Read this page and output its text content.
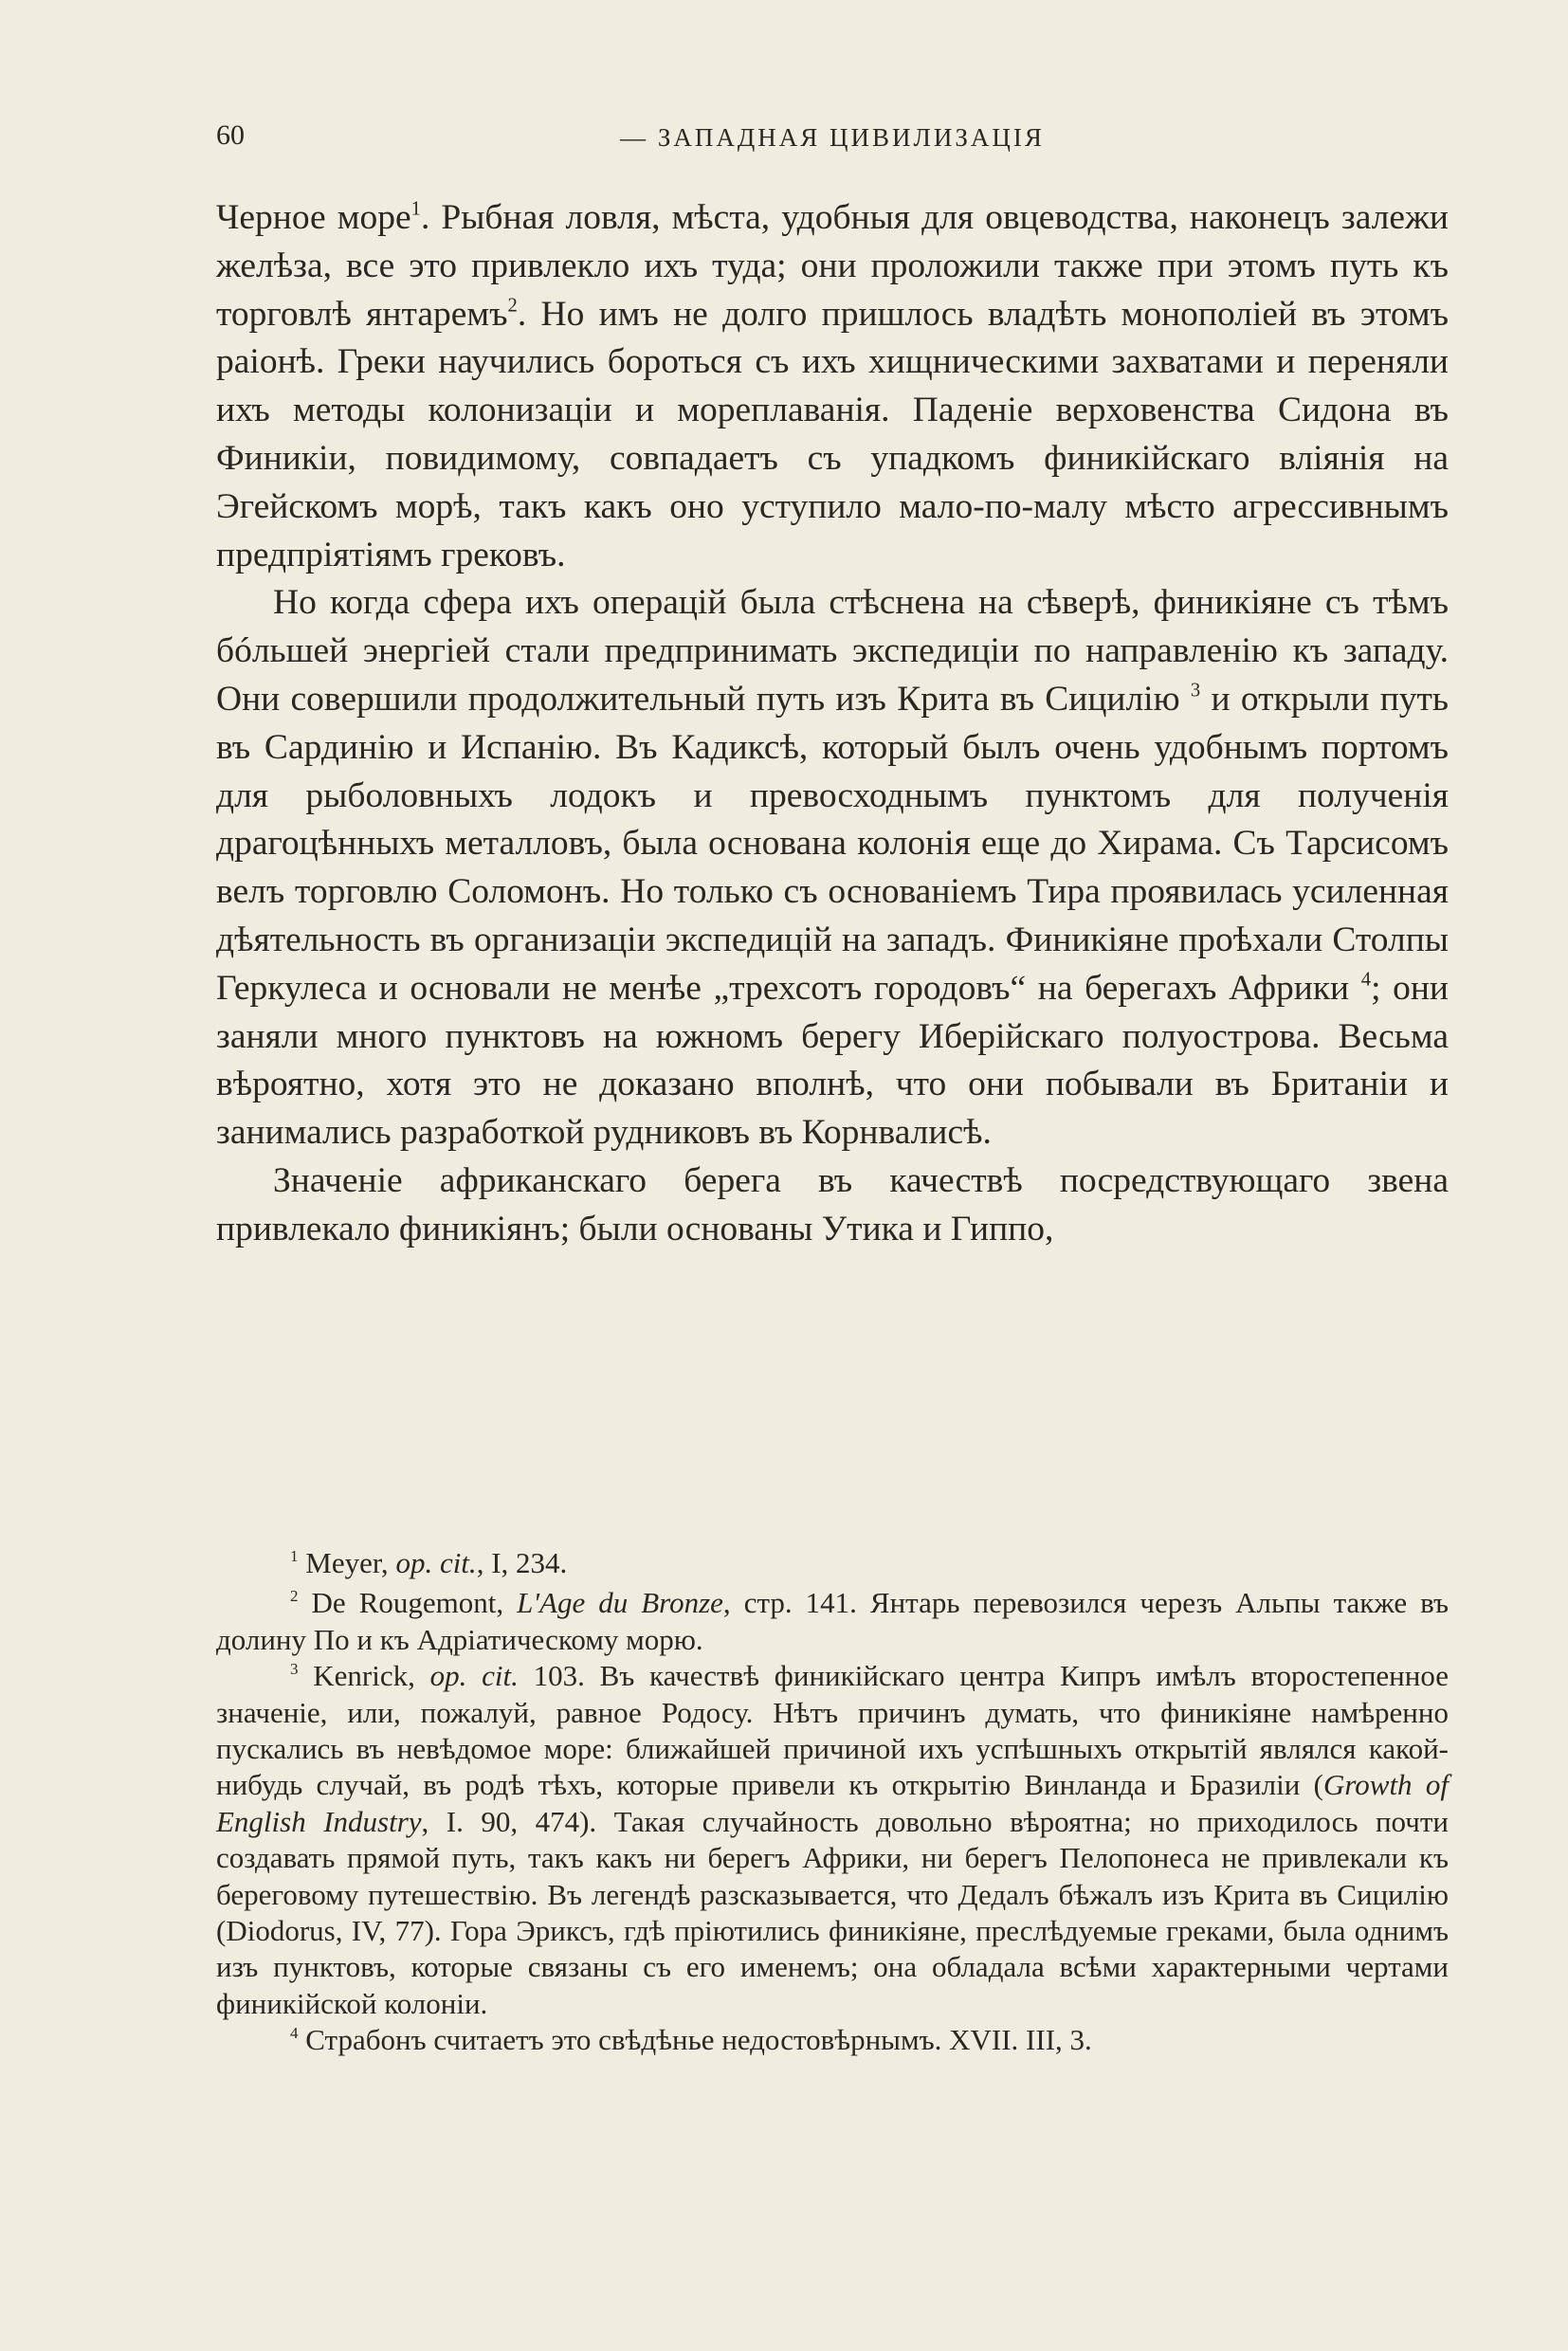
60	— ЗАПАДНАЯ ЦИВИЛИЗАЦIЯ

Черное море$^1$. Рыбная ловля, мѣста, удобныя для овцеводства, наконецъ залежи желѣза, все это привлекло ихъ туда; они проложили также при этомъ путь къ торговлѣ янтаремъ$^2$. Но имъ не долго пришлось владѣть монополiей въ этомъ раiонѣ. Греки научились бороться съ ихъ хищническими захватами и переняли ихъ методы колонизацiи и мореплаванiя. Паденiе верховенства Сидона въ Финикiи, повидимому, совпадаетъ съ упадкомъ финикiйскаго влiянiя на Эгейскомъ морѣ, такъ какъ оно уступило мало-по-малу мѣсто агрессивнымъ предпрiятiямъ грековъ.

Но когда сфера ихъ операцiй была стѣснена на сѣверѣ, финикiяне съ тѣмъ бóльшей энергiей стали предпринимать экспедицiи по направленiю къ западу. Они совершили продолжительный путь изъ Крита въ Сицилiю $^3$ и открыли путь въ Сардинiю и Испанiю. Въ Кадиксѣ, который былъ очень удобнымъ портомъ для рыболовныхъ лодокъ и превосходнымъ пунктомъ для полученiя драгоцѣнныхъ металловъ, была основана колонiя еще до Хирама. Съ Тарсисомъ велъ торговлю Соломонъ. Но только съ основанiемъ Тира проявилась усиленная дѣятельность въ организацiи экспедицiй на западъ. Финикiяне проѣхали Столпы Геркулеса и основали не менѣе „трехсотъ городовъ“ на берегахъ Африки $^4$; они заняли много пунктовъ на южномъ берегу Иберiйскаго полуострова. Весьма вѣроятно, хотя это не доказано вполнѣ, что они побывали въ Британiи и занимались разработкой рудниковъ въ Корнвалисѣ.

Значенiе африканскаго берега въ качествѣ посредствующаго звена привлекало финикiянъ; были основаны Утика и Гиппо,

$^1$ Meyer, op. cit., I, 234.

$^2$ De Rougemont, L'Age du Bronze, стр. 141. Янтарь перевозился черезъ Альпы также въ долину По и къ Адрiатическому морю.

$^3$ Kenrick, op. cit. 103. Въ качествѣ финикiйскаго центра Кипръ имѣлъ второстепенное значенiе, или, пожалуй, равное Родосу. Нѣтъ причинъ думать, что финикiяне намѣренно пускались въ невѣдомое море: ближайшей причиной ихъ успѣшныхъ открытiй являлся какой-нибудь случай, въ родѣ тѣхъ, которые привели къ открытiю Винланда и Бразилiи (Growth of English Industry, I. 90, 474). Такая случайность довольно вѣроятна; но приходилось почти создавать прямой путь, такъ какъ ни берегъ Африки, ни берегъ Пелопонеса не привлекали къ береговому путешествiю. Въ легендѣ разсказывается, что Дедалъ бѣжалъ изъ Крита въ Сицилiю (Diodorus, IV, 77). Гора Эриксъ, гдѣ прiютились финикiяне, преслѣдуемые греками, была однимъ изъ пунктовъ, которые связаны съ его именемъ; она обладала всѣми характерными чертами финикiйской колонiи.

$^4$ Страбонъ считаетъ это свѣдѣнье недостовѣрнымъ. XVII. III, 3.
